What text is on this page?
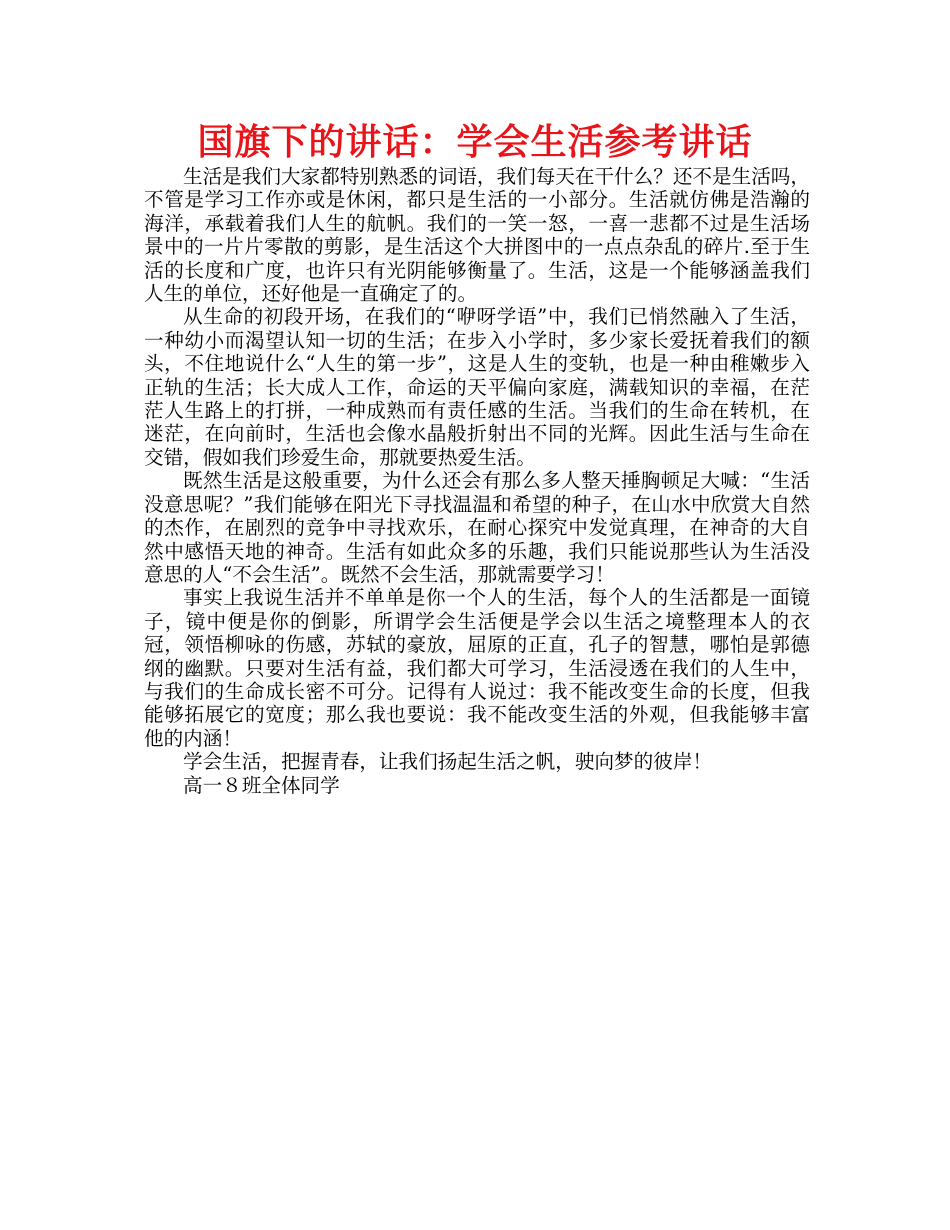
国旗下的讲话：学会生活参考讲话

生活是我们大家都特别熟悉的词语，我们每天在干什么？还不是生活吗，不管是学习工作亦或是休闲，都只是生活的一小部分。生活就仿佛是浩瀚的海洋，承载着我们人生的航帆。我们的一笑一怒，一喜一悲都不过是生活场景中的一片片零散的剪影，是生活这个大拼图中的一点点杂乱的碎片.至于生活的长度和广度，也许只有光阴能够衡量了。生活，这是一个能够涵盖我们人生的单位，还好他是一直确定了的。

从生命的初段开场，在我们的“咿呀学语”中，我们已悄然融入了生活，一种幼小而渴望认知一切的生活；在步入小学时，多少家长爱抚着我们的额头，不住地说什么“人生的第一步”，这是人生的变轨，也是一种由稚嫩步入正轨的生活；长大成人工作，命运的天平偏向家庭，满载知识的幸福，在茫茫人生路上的打拼，一种成熟而有责任感的生活。当我们的生命在转机，在迷茫，在向前时，生活也会像水晶般折射出不同的光辉。因此生活与生命在交错，假如我们珍爱生命，那就要热爱生活。

既然生活是这般重要，为什么还会有那么多人整天捶胸顿足大喊：“生活没意思呢？”我们能够在阳光下寻找温温和希望的种子，在山水中欣赏大自然的杰作，在剧烈的竞争中寻找欢乐，在耐心探究中发觉真理，在神奇的大自然中感悟天地的神奇。生活有如此众多的乐趣，我们只能说那些认为生活没意思的人“不会生活”。既然不会生活，那就需要学习！

事实上我说生活并不单单是你一个人的生活，每个人的生活都是一面镜子，镜中便是你的倒影，所谓学会生活便是学会以生活之境整理本人的衣冠，领悟柳咏的伤感，苏轼的豪放，屈原的正直，孔子的智慧，哪怕是郭德纲的幽默。只要对生活有益，我们都大可学习，生活浸透在我们的人生中，与我们的生命成长密不可分。记得有人说过：我不能改变生命的长度，但我能够拓展它的宽度；那么我也要说：我不能改变生活的外观，但我能够丰富他的内涵！

学会生活，把握青春，让我们扬起生活之帆，驶向梦的彼岸！

高一８班全体同学
